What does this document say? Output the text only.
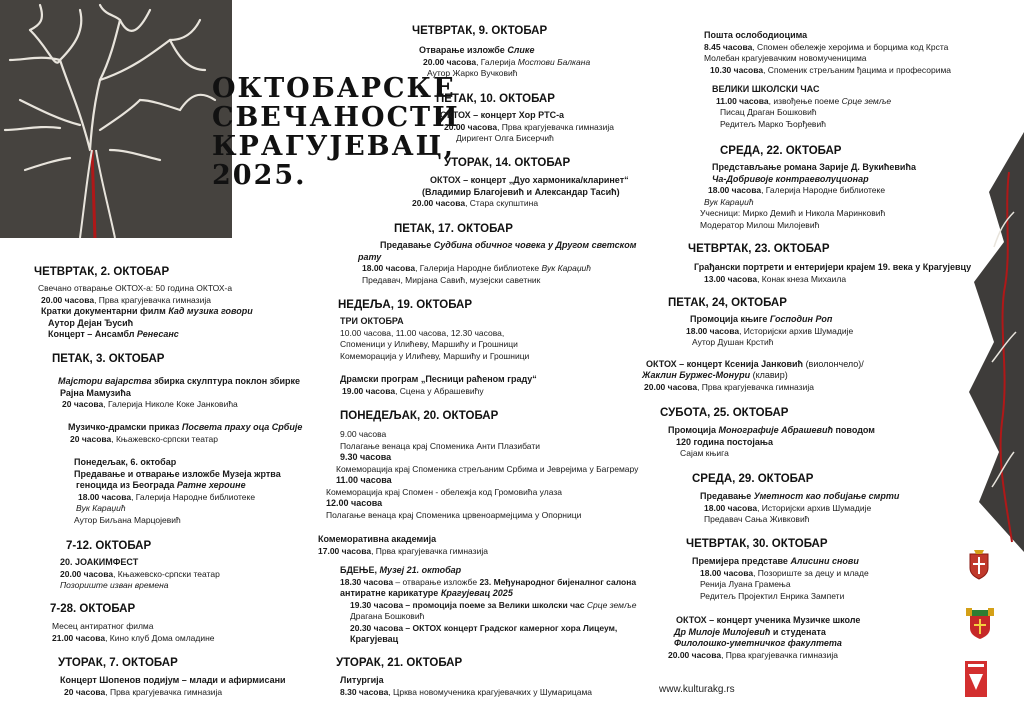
ОКТОБАРСКЕ
СВЕЧАНОСТИ
КРАГУЈЕВАЦ,
2025.
ЧЕТВРТАК, 2. ОКТОБАР
Свечано отварање ОКТОХ-а: 50 година ОКТОХ-а
20.00 часова, Прва крагујевачка гимназија
Кратки документарни филм Кад музика говори
Аутор Дејан Ђусић
Концерт – Ансамбл Ренесанс
ПЕТАК, 3. ОКТОБАР
Мајстори вајарства збирка скулптура поклон збирке
Рајна Мамузића
20 часова, Галерија Николе Коке Јанковића
Музичко-драмски приказ Посвета праху оца Србије
20 часова, Књажевско-српски театар
Понедељак, 6. октобар
Предавање и отварање изложбе Музеја жртва
геноцида из Београда Ратне хероине
18.00 часова, Галерија Народне библиотеке
Вук Караџић
Аутор Биљана Марцојевић
7-12. ОКТОБАР
20. ЈОАКИМФЕСТ
20.00 часова, Књажевско-српски театар
Позориште изван времена
7-28. ОКТОБАР
Месец антиратног филма
21.00 часова, Кино клуб Дома омладине
УТОРАК, 7. ОКТОБАР
Концерт Шопенов подијум – млади и афирмисани
20 часова, Прва крагујевачка гимназија
ЧЕТВРТАК, 9. ОКТОБАР
Отварање изложбе Слике
20.00 часова, Галерија Мостови Балкана
Аутор Жарко Вучковић
ПЕТАК, 10. ОКТОБАР
ОКТОХ – концерт Хор РТС-а
20.00 часова, Прва крагујевачка гимназија
Диригент Олга Бисерчић
УТОРАК, 14. ОКТОБАР
ОКТОХ – концерт „Дуо хармоника/кларинет“
(Владимир Благојевић и Александар Тасић)
20.00 часова, Стара скупштина
ПЕТАК, 17. ОКТОБАР
Предавање Судбина обичног човека у Другом светском
рату
18.00 часова, Галерија Народне библиотеке Вук Караџић
Предавач, Мирјана Савић, музејски саветник
НЕДЕЉА, 19. ОКТОБАР
ТРИ ОКТОБРА
10.00 часова, 11.00 часова, 12.30 часова,
Споменици у Илићеву, Маршићу и Грошници
Комеморација у Илићеву, Маршићу и Грошници
Драмски програм „Песници раћеном граду“
19.00 часова, Сцена у Абрашевићу
ПОНЕДЕЉАК, 20. ОКТОБАР
9.00 часова
Полагање венаца крај Споменика Анти Плазибати
9.30 часова
Комеморација крај Споменика стрељаним Србима и Јеврејима у Багремару
11.00 часова
Комеморација крај Спомен - обележја код Громовића улаза
12.00 часова
Полагање венаца крај Споменика црвеноармејцима у Опорници
Комеморативна академија
17.00 часова, Прва крагујевачка гимназија
БДЕЊЕ, Музеј 21. октобар
18.30 часова – отварање изложбе 23. Међународног бијеналног салона
антиратне карикатуре Крагујевац 2025
19.30 часова – промоција поеме за Велики школски час Срце земље
Драгана Бошковић
20.30 часова – ОКТОХ концерт Градског камерног хора Лицеум,
Крагујевац
УТОРАК, 21. ОКТОБАР
Литургија
8.30 часова, Црква новомученика крагујевачких у Шумарицама
Пошта ослободиоцима
8.45 часова, Спомен обележје херојима и борцима код Крста
Молебан крагујевачким новомученицима
10.30 часова, Споменик стрељаним ђацима и професорима
ВЕЛИКИ ШКОЛСКИ ЧАС
11.00 часова, извођење поеме Срце земље
Писац Драган Бошковић
Редитељ Марко Ђорђевић
СРЕДА, 22. ОКТОБАР
Представљање романа Зарије Д. Вукићевића
Ча-Добривоје контраеволуционар
18.00 часова, Галерија Народне библиотеке
Вук Караџић
Учесници: Мирко Демић и Никола Маринковић
Модератор Милош Милојевић
ЧЕТВРТАК, 23. ОКТОБАР
Грађански портрети и ентеријери крајем 19. века у Крагујевцу
13.00 часова, Конак кнеза Михаила
ПЕТАК, 24, ОКТОБАР
Промоција књиге Господин Роп
18.00 часова, Историјски архив Шумадије
Аутор Душан Крстић
ОКТОХ – концерт Ксенија Јанковић (виолончело)/
Жаклин Буржес-Монури (клавир)
20.00 часова, Прва крагујевачка гимназија
СУБОТА, 25. ОКТОБАР
Промоција Монографије Абрашевић поводом
120 година постојања
Сајам књига
СРЕДА, 29. ОКТОБАР
Предавање Уметност као побијање смрти
18.00 часова, Историјски архив Шумадије
Предавач Сања Живковић
ЧЕТВРТАК, 30. ОКТОБАР
Премијера представе Алисини снови
18.00 часова, Позориште за децу и младе
Ренија Луана Грамења
Редитељ Пројектил Енрика Зампети
ОКТОХ – концерт ученика Музичке школе
Др Милоје Милојевић и студената
Филолошко-уметничког факултета
20.00 часова, Прва крагујевачка гимназија
www.kulturakg.rs
